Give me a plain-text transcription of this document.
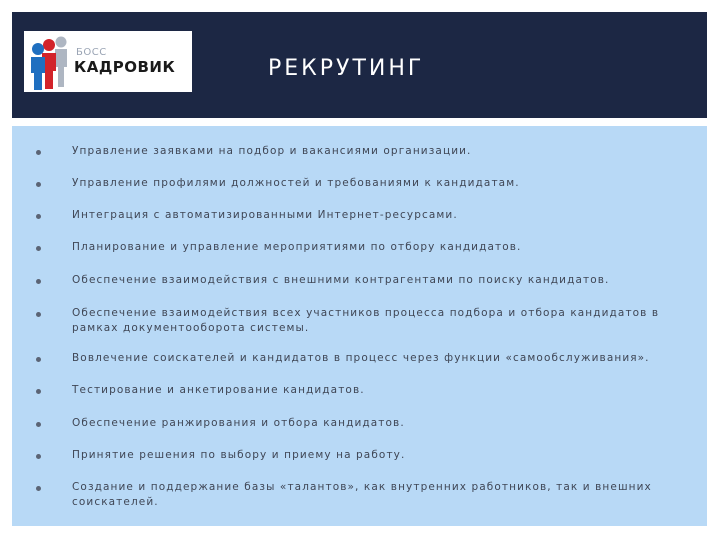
БОСС
КАДРОВИК	РЕКРУТИНГ
Управление заявками на подбор и вакансиями организации.
Управление профилями должностей и требованиями к кандидатам.
Интеграция с автоматизированными Интернет-ресурсами.
Планирование и управление мероприятиями по отбору кандидатов.
Обеспечение взаимодействия с внешними контрагентами по поиску кандидатов.
Обеспечение взаимодействия всех участников процесса подбора и отбора кандидатов в рамках документооборота системы.
Вовлечение соискателей и кандидатов в процесс через функции «самообслуживания».
Тестирование и анкетирование кандидатов.
Обеспечение ранжирования и отбора кандидатов.
Принятие решения по выбору и приему на работу.
Создание и поддержание базы «талантов», как внутренних работников, так и внешних соискателей.
